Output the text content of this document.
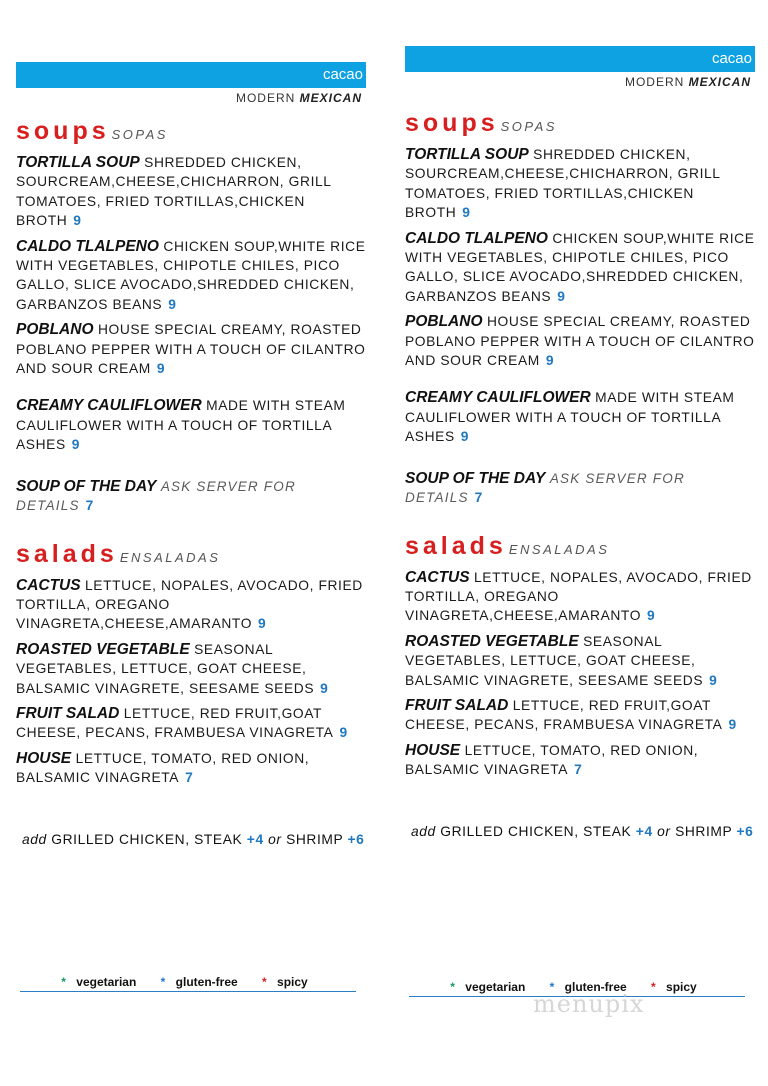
cacao
MODERN MEXICAN
soups SOPAS
TORTILLA SOUP SHREDDED CHICKEN, SOURCREAM,CHEESE,CHICHARRON, GRILL TOMATOES, FRIED TORTILLAS,CHICKEN BROTH 9
CALDO TLALPENO CHICKEN SOUP,WHITE RICE WITH VEGETABLES, CHIPOTLE CHILES, PICO GALLO, SLICE AVOCADO,SHREDDED CHICKEN, GARBANZOS BEANS 9
POBLANO HOUSE SPECIAL CREAMY, ROASTED POBLANO PEPPER WITH A TOUCH OF CILANTRO AND SOUR CREAM 9
CREAMY CAULIFLOWER MADE WITH STEAM CAULIFLOWER WITH A TOUCH OF TORTILLA ASHES 9
SOUP OF THE DAY ASK SERVER FOR DETAILS 7
salads ENSALADAS
CACTUS LETTUCE, NOPALES, AVOCADO, FRIED TORTILLA, OREGANO VINAGRETA,CHEESE,AMARANTO 9
ROASTED VEGETABLE SEASONAL VEGETABLES, LETTUCE, GOAT CHEESE, BALSAMIC VINAGRETE, SEESAME SEEDS 9
FRUIT SALAD LETTUCE, RED FRUIT,GOAT CHEESE, PECANS, FRAMBUESA VINAGRETA 9
HOUSE LETTUCE, TOMATO, RED ONION, BALSAMIC VINAGRETA 7
add GRILLED CHICKEN, STEAK +4 or SHRIMP +6
cacao
MODERN MEXICAN
soups SOPAS
TORTILLA SOUP SHREDDED CHICKEN, SOURCREAM,CHEESE,CHICHARRON, GRILL TOMATOES, FRIED TORTILLAS,CHICKEN BROTH 9
CALDO TLALPENO CHICKEN SOUP,WHITE RICE WITH VEGETABLES, CHIPOTLE CHILES, PICO GALLO, SLICE AVOCADO,SHREDDED CHICKEN, GARBANZOS BEANS 9
POBLANO HOUSE SPECIAL CREAMY, ROASTED POBLANO PEPPER WITH A TOUCH OF CILANTRO AND SOUR CREAM 9
CREAMY CAULIFLOWER MADE WITH STEAM CAULIFLOWER WITH A TOUCH OF TORTILLA ASHES 9
SOUP OF THE DAY ASK SERVER FOR DETAILS 7
salads ENSALADAS
CACTUS LETTUCE, NOPALES, AVOCADO, FRIED TORTILLA, OREGANO VINAGRETA,CHEESE,AMARANTO 9
ROASTED VEGETABLE SEASONAL VEGETABLES, LETTUCE, GOAT CHEESE, BALSAMIC VINAGRETE, SEESAME SEEDS 9
FRUIT SALAD LETTUCE, RED FRUIT,GOAT CHEESE, PECANS, FRAMBUESA VINAGRETA 9
HOUSE LETTUCE, TOMATO, RED ONION, BALSAMIC VINAGRETA 7
add GRILLED CHICKEN, STEAK +4 or SHRIMP +6
* vegetarian * gluten-free * spicy	* vegetarian * gluten-free * spicy
menupix
